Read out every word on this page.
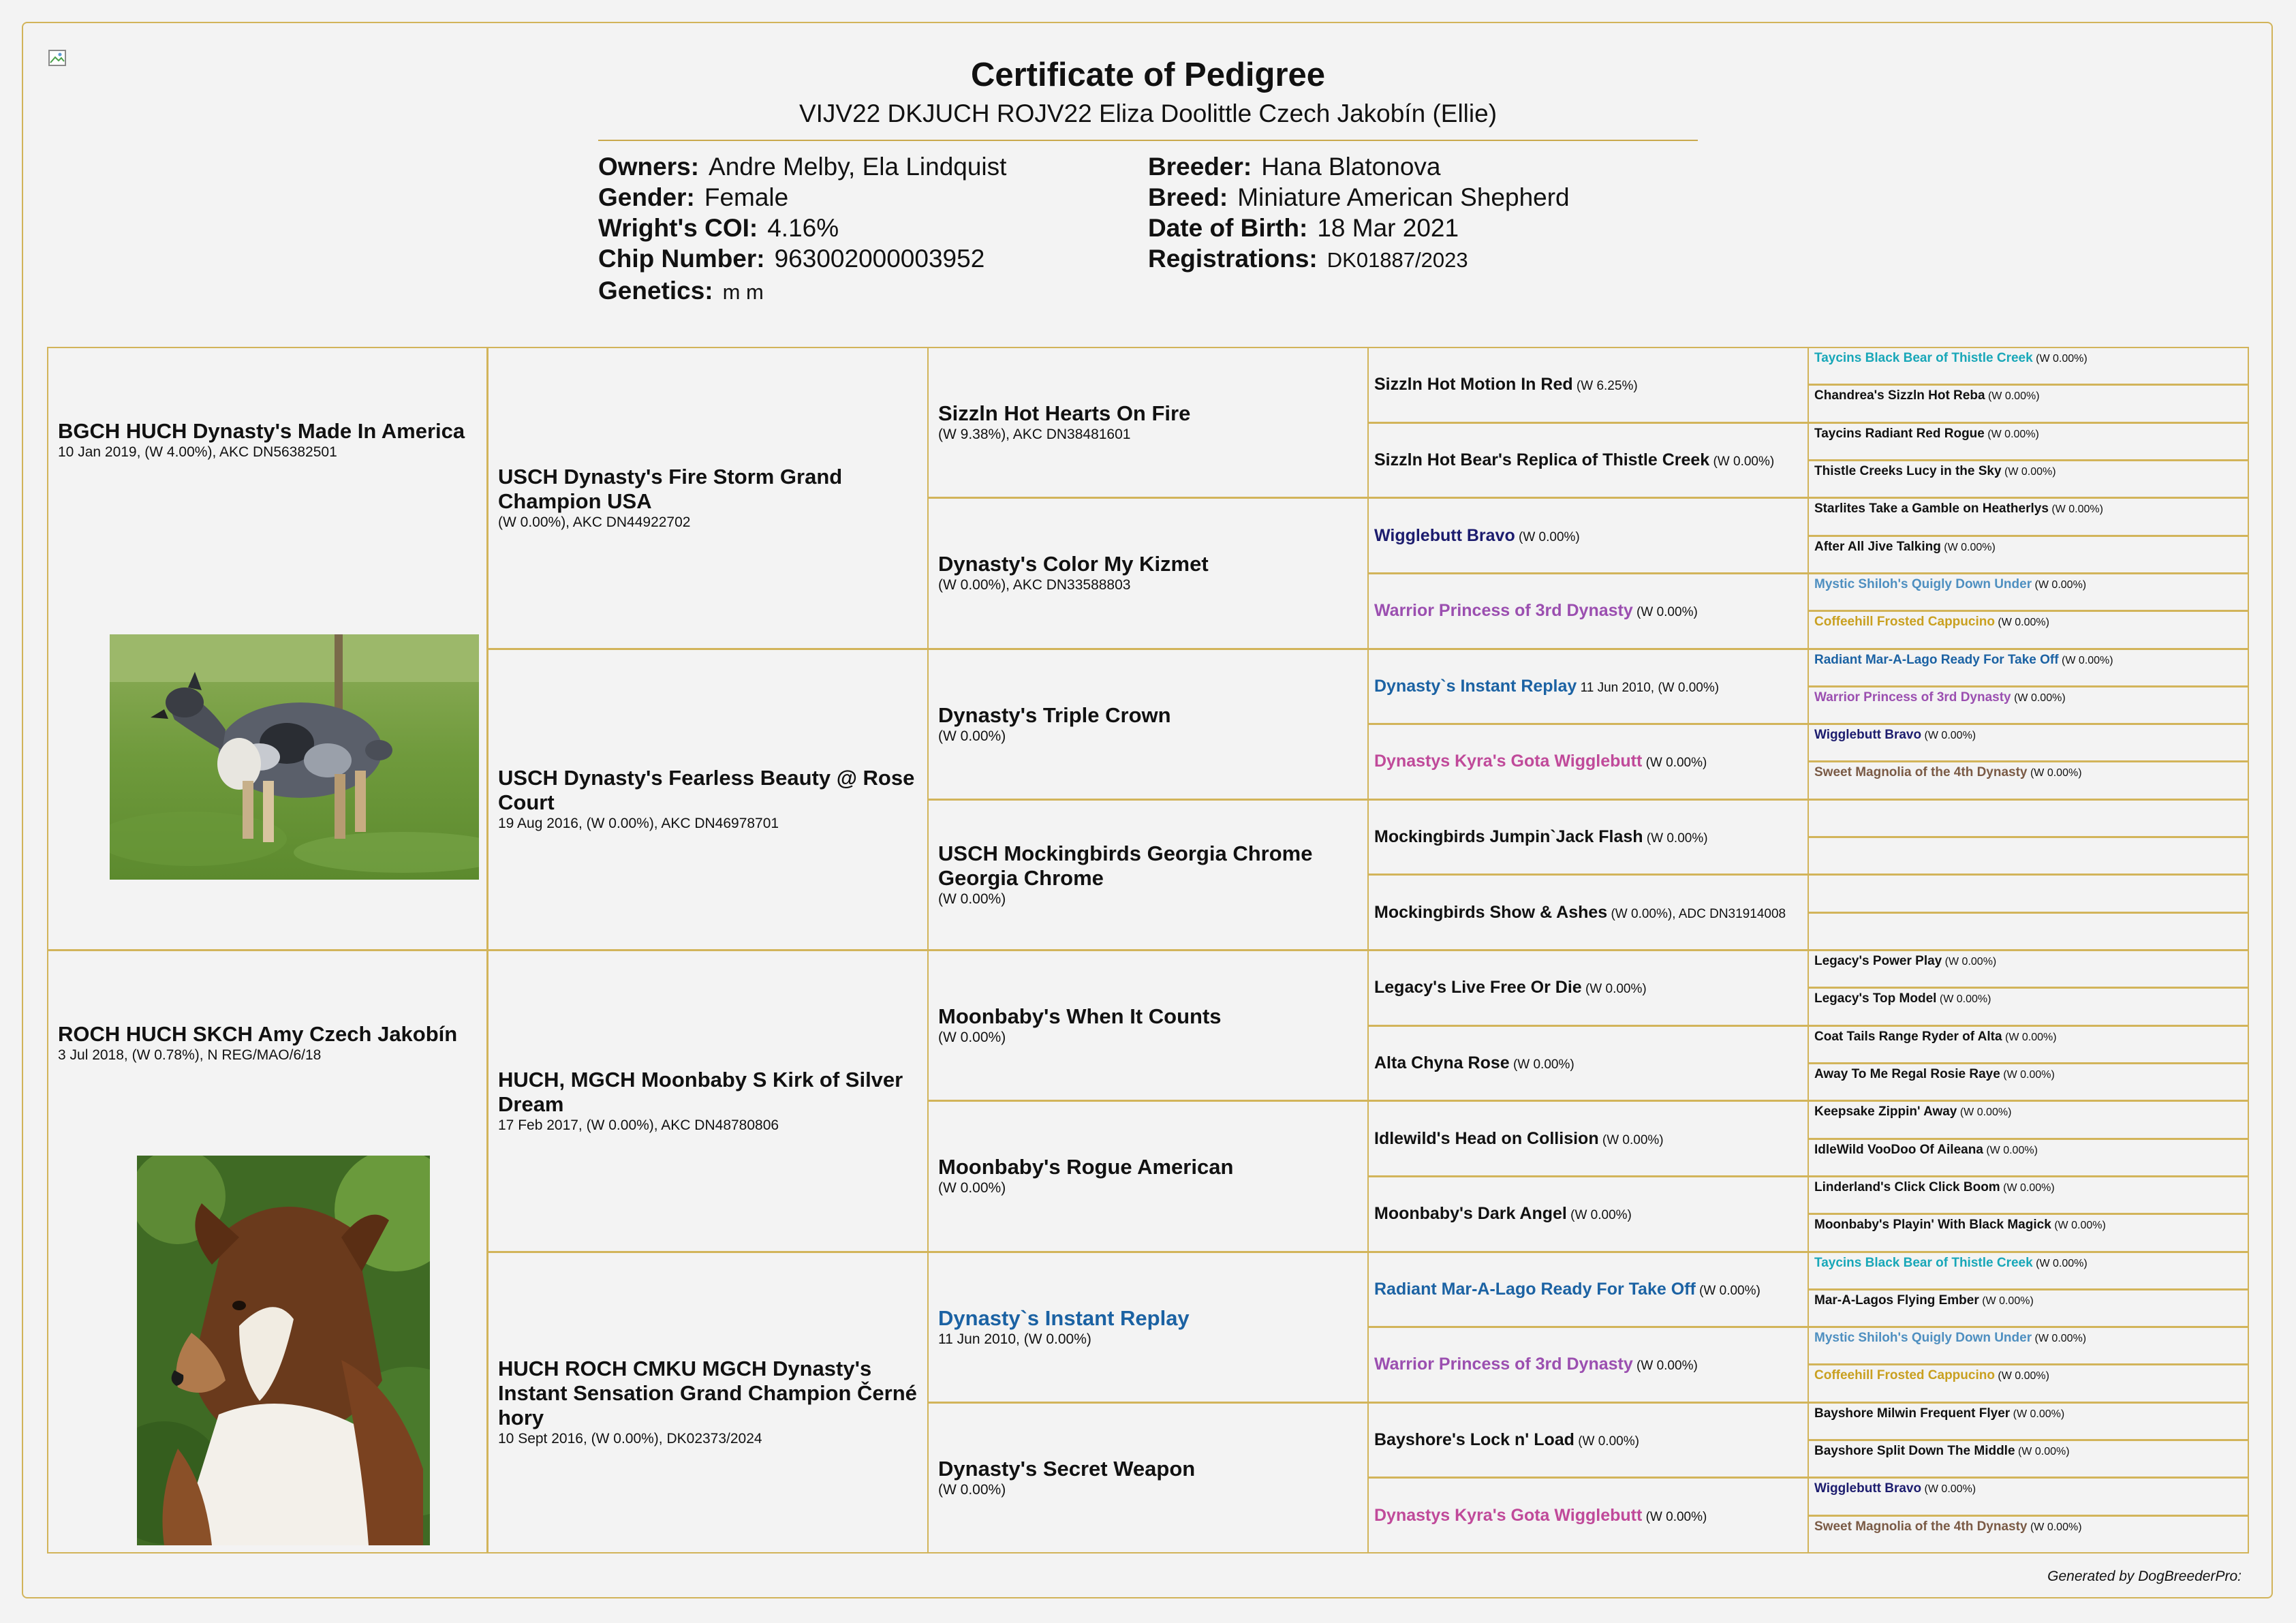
Certificate of Pedigree
VIJV22 DKJUCH ROJV22 Eliza Doolittle Czech Jakobín (Ellie)
Owners: Andre Melby, Ela Lindquist
Gender: Female
Wright's COI: 4.16%
Chip Number: 963002000003952
Genetics: m m
Breeder: Hana Blatonova
Breed: Miniature American Shepherd
Date of Birth: 18 Mar 2021
Registrations: DK01887/2023
BGCH HUCH Dynasty's Made In America
10 Jan 2019, (W 4.00%), AKC DN56382501
ROCH HUCH SKCH Amy Czech Jakobín
3 Jul 2018, (W 0.78%), N REG/MAO/6/18
USCH Dynasty's Fire Storm Grand Champion USA
(W 0.00%), AKC DN44922702
USCH Dynasty's Fearless Beauty @ Rose Court
19 Aug 2016, (W 0.00%), AKC DN46978701
HUCH, MGCH Moonbaby S Kirk of Silver Dream
17 Feb 2017, (W 0.00%), AKC DN48780806
HUCH ROCH CMKU MGCH Dynasty's Instant Sensation Grand Champion Černé hory
10 Sept 2016, (W 0.00%), DK02373/2024
Sizzln Hot Hearts On Fire
(W 9.38%), AKC DN38481601
Dynasty's Color My Kizmet
(W 0.00%), AKC DN33588803
Dynasty's Triple Crown
(W 0.00%)
USCH Mockingbirds Georgia Chrome Georgia Chrome
(W 0.00%)
Moonbaby's When It Counts
(W 0.00%)
Moonbaby's Rogue American
(W 0.00%)
Dynasty`s Instant Replay
11 Jun 2010, (W 0.00%)
Dynasty's Secret Weapon
(W 0.00%)
Sizzln Hot Motion In Red (W 6.25%)
Sizzln Hot Bear's Replica of Thistle Creek (W 0.00%)
Wigglebutt Bravo (W 0.00%)
Warrior Princess of 3rd Dynasty (W 0.00%)
Dynasty`s Instant Replay 11 Jun 2010, (W 0.00%)
Dynastys Kyra's Gota Wigglebutt (W 0.00%)
Mockingbirds Jumpin`Jack Flash (W 0.00%)
Mockingbirds Show & Ashes (W 0.00%), ADC DN31914008
Legacy's Live Free Or Die (W 0.00%)
Alta Chyna Rose (W 0.00%)
Idlewild's Head on Collision (W 0.00%)
Moonbaby's Dark Angel (W 0.00%)
Radiant Mar-A-Lago Ready For Take Off (W 0.00%)
Warrior Princess of 3rd Dynasty (W 0.00%)
Bayshore's Lock n' Load (W 0.00%)
Dynastys Kyra's Gota Wigglebutt (W 0.00%)
Taycins Black Bear of Thistle Creek (W 0.00%)
Chandrea's Sizzln Hot Reba (W 0.00%)
Taycins Radiant Red Rogue (W 0.00%)
Thistle Creeks Lucy in the Sky (W 0.00%)
Starlites Take a Gamble on Heatherlys (W 0.00%)
After All Jive Talking (W 0.00%)
Mystic Shiloh's Quigly Down Under (W 0.00%)
Coffeehill Frosted Cappucino (W 0.00%)
Radiant Mar-A-Lago Ready For Take Off (W 0.00%)
Warrior Princess of 3rd Dynasty (W 0.00%)
Wigglebutt Bravo (W 0.00%)
Sweet Magnolia of the 4th Dynasty (W 0.00%)
Legacy's Power Play (W 0.00%)
Legacy's Top Model (W 0.00%)
Coat Tails Range Ryder of Alta (W 0.00%)
Away To Me Regal Rosie Raye (W 0.00%)
Keepsake Zippin' Away (W 0.00%)
IdleWild VooDoo Of Aileana (W 0.00%)
Linderland's Click Click Boom (W 0.00%)
Moonbaby's Playin' With Black Magick (W 0.00%)
Taycins Black Bear of Thistle Creek (W 0.00%)
Mar-A-Lagos Flying Ember (W 0.00%)
Mystic Shiloh's Quigly Down Under (W 0.00%)
Coffeehill Frosted Cappucino (W 0.00%)
Bayshore Milwin Frequent Flyer (W 0.00%)
Bayshore Split Down The Middle (W 0.00%)
Wigglebutt Bravo (W 0.00%)
Sweet Magnolia of the 4th Dynasty (W 0.00%)
Generated by DogBreederPro:
